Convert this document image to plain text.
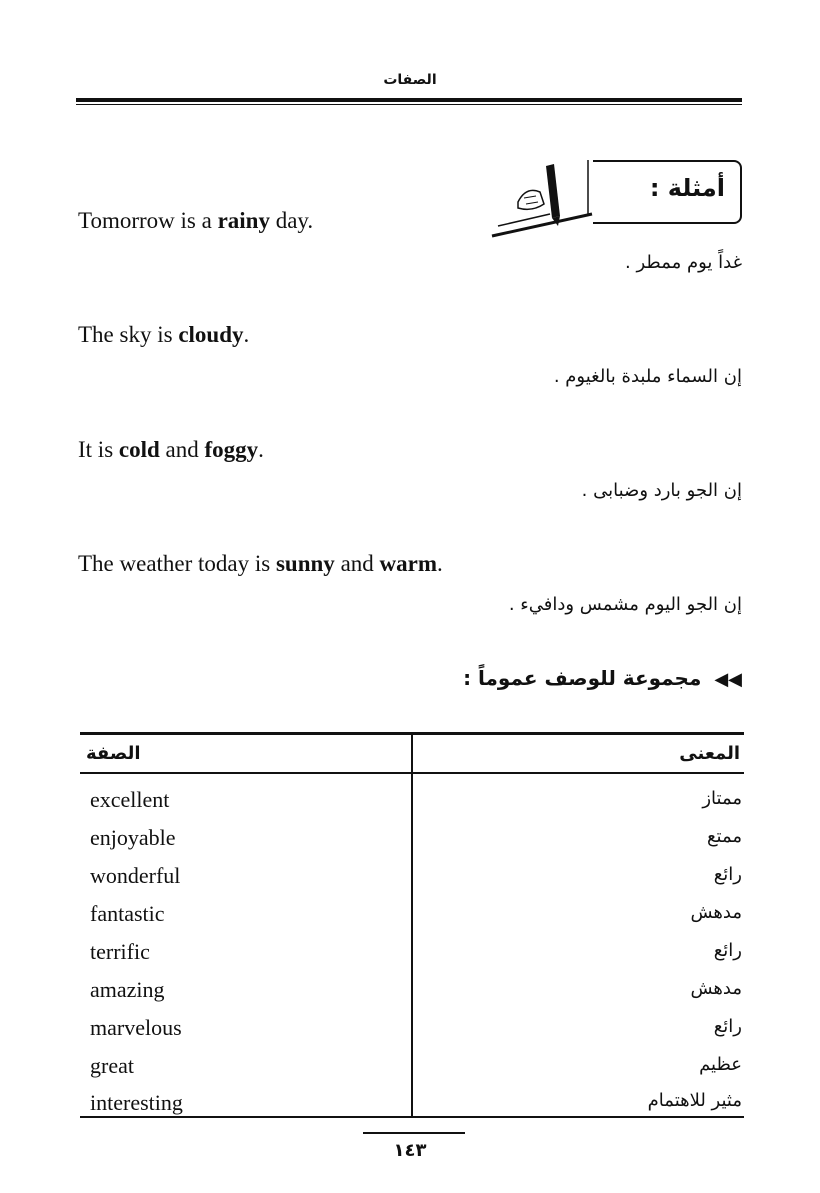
الصفات
أمثلة :
Tomorrow is a rainy day.
غداً يوم ممطر .
The sky is cloudy.
إن السماء ملبدة بالغيوم .
It is cold and foggy.
إن الجو بارد وضبابى .
The weather today is sunny and warm.
إن الجو اليوم مشمس ودافيء .
◀◀ مجموعة للوصف عموماً :
الصفة	المعنى
excellent	ممتاز
enjoyable	ممتع
wonderful	رائع
fantastic	مدهش
terrific	رائع
amazing	مدهش
marvelous	رائع
great	عظيم
interesting	مثير للاهتمام
١٤٣
